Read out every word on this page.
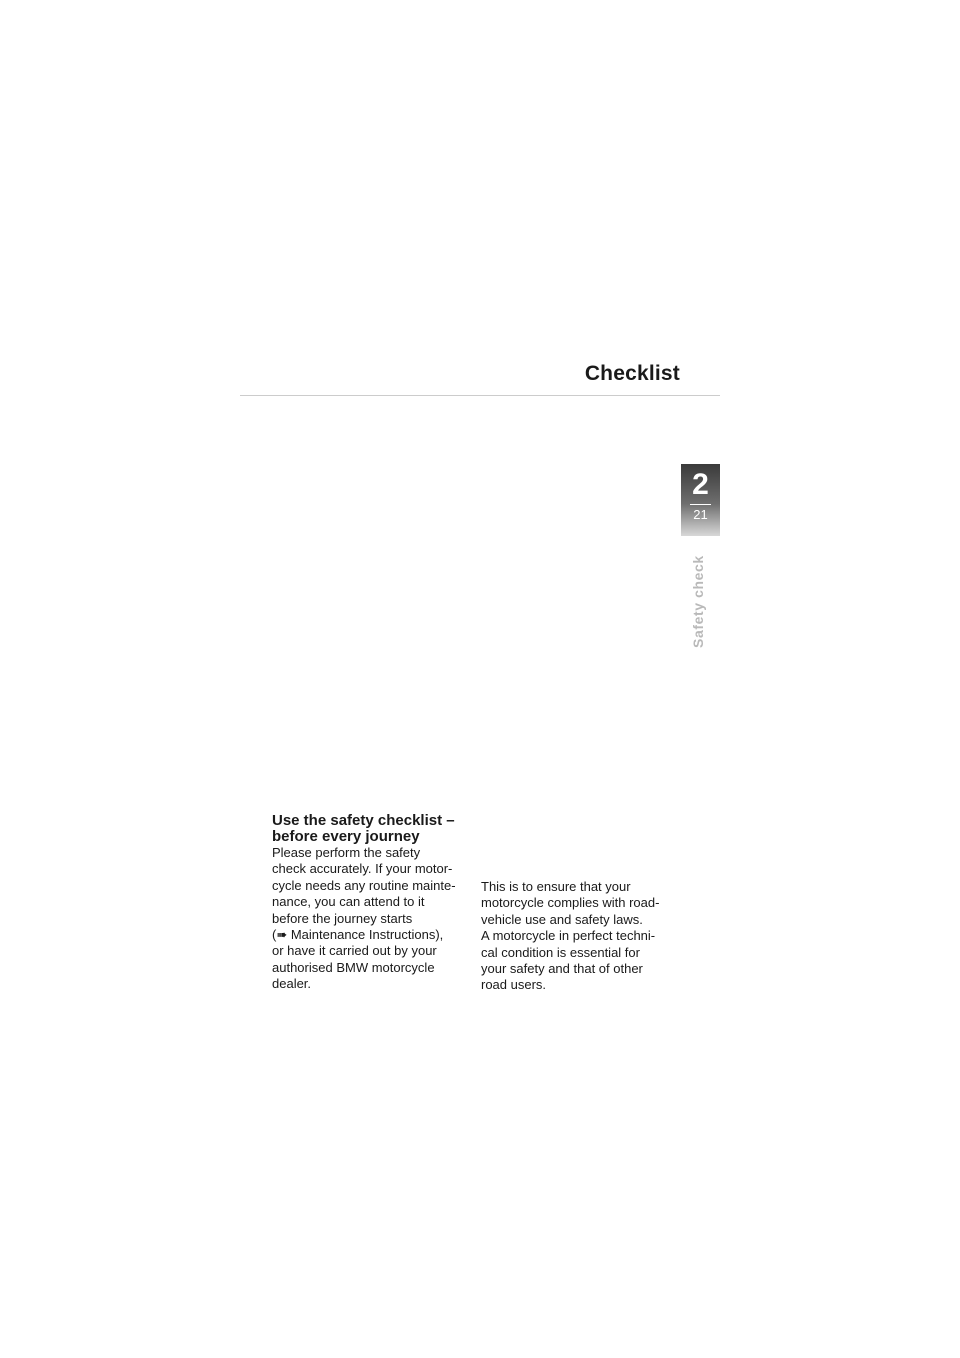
Checklist
2
21
Safety check

Use the safety checklist –
before every journey

Please perform the safety
check accurately. If your motor-
cycle needs any routine mainte-
nance, you can attend to it
before the journey starts
(➠ Maintenance Instructions),
or have it carried out by your
authorised BMW motorcycle
dealer.

This is to ensure that your
motorcycle complies with road-
vehicle use and safety laws.

A motorcycle in perfect techni-
cal condition is essential for
your safety and that of other
road users.
